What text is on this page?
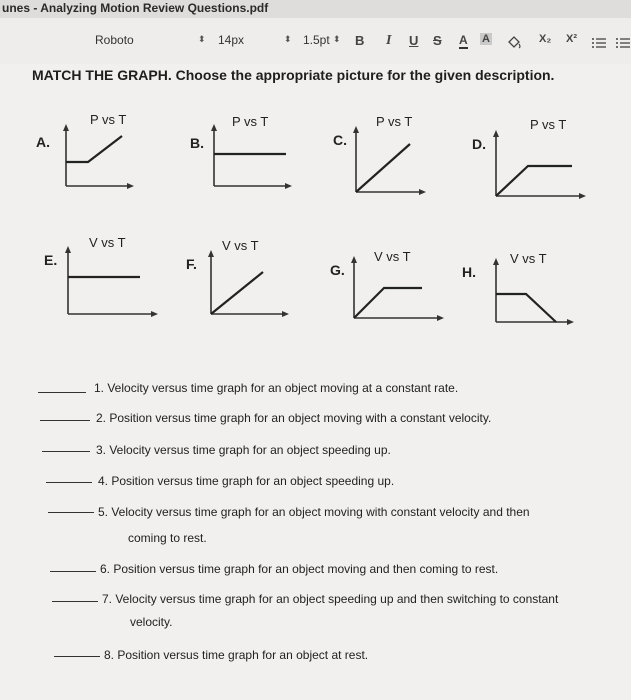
unes - Analyzing Motion Review Questions.pdf
Roboto	⬍ 14px	⬍ 1.5pt ⬍ B I U S A A	X₂ X²
MATCH THE GRAPH. Choose the appropriate picture for the given description.
A.
P vs T
B.
P vs T
C.
P vs T
D.
P vs T
E.
V vs T
F.
V vs T
G.
V vs T
H.
V vs T
1. Velocity versus time graph for an object moving at a constant rate.
2. Position versus time graph for an object moving with a constant velocity.
3. Velocity versus time graph for an object speeding up.
4. Position versus time graph for an object speeding up.
5. Velocity versus time graph for an object moving with constant velocity and then
coming to rest.
6. Position versus time graph for an object moving and then coming to rest.
7. Velocity versus time graph for an object speeding up and then switching to constant
velocity.
8. Position versus time graph for an object at rest.
